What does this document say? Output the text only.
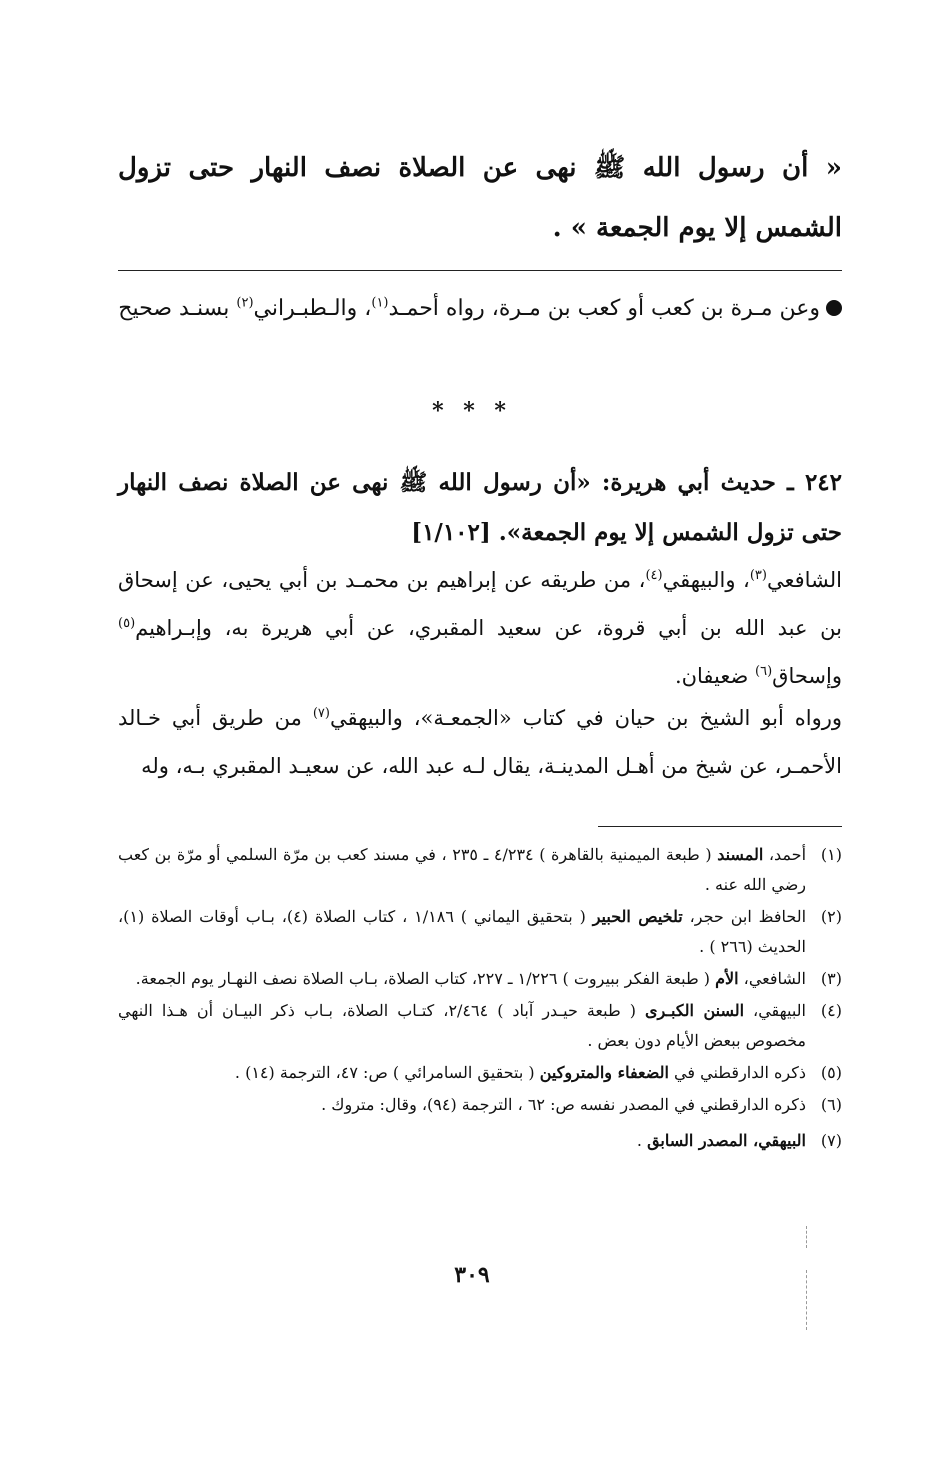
« أن رسول الله ﷺ نهى عن الصلاة نصف النهار حتى تزول الشمس إلا يوم الجمعة » .
وعن مـرة بن كعب أو كعب بن مـرة، رواه أحمـد$^{(١)}$، والـطبـراني$^{(٢)}$ بسنـد صحيح
* * *
٢٤٢ ـ حديث أبي هريرة: «أن رسول الله ﷺ نهى عن الصلاة نصف النهار حتى تزول الشمس إلا يوم الجمعة». [١/١٠٢]
الشافعي$^{(٣)}$، والبيهقي$^{(٤)}$، من طريقه عن إبراهيم بن محمـد بن أبي يحيى، عن إسحاق بن عبد الله بن أبي قروة، عن سعيد المقبري، عن أبي هريرة به، وإبـراهيم$^{(٥)}$ وإسحاق$^{(٦)}$ ضعيفان.
ورواه أبو الشيخ بن حيان في كتاب «الجمعـة»، والبيهقي$^{(٧)}$ من طريق أبي خـالد الأحمـر، عن شيخ من أهـل المدينـة، يقال لـه عبد الله، عن سعيـد المقبري بـه، وله
(١)
أحمد، المسند ( طبعة الميمنية بالقاهرة ) ٤/٢٣٤ ـ ٢٣٥ ، في مسند كعب بن مرّة السلمي أو مرّة بن كعب رضي الله عنه .
(٢)
الحافظ ابن حجر، تلخيص الحبير ( بتحقيق اليماني ) ١/١٨٦ ، كتاب الصلاة (٤)، بـاب أوقات الصلاة (١)، الحديث (٢٦٦ ) .
(٣)
الشافعي، الأم ( طبعة الفكر ببيروت ) ١/٢٢٦ ـ ٢٢٧، كتاب الصلاة، بـاب الصلاة نصف النهـار يوم الجمعة.
(٤)
البيهقي، السنن الكبـرى ( طبعة حيـدر آباد ) ٢/٤٦٤، كتـاب الصلاة، بـاب ذكر البيـان أن هـذا النهي مخصوص ببعض الأيام دون بعض .
(٥)
ذكره الدارقطني في الضعفاء والمتروكين ( بتحقيق السامرائي ) ص: ٤٧، الترجمة (١٤) .
(٦)
ذكره الدارقطني في المصدر نفسه ص: ٦٢ ، الترجمة (٩٤)، وقال: متروك .
(٧)
البيهقي، المصدر السابق .
٣٠٩
